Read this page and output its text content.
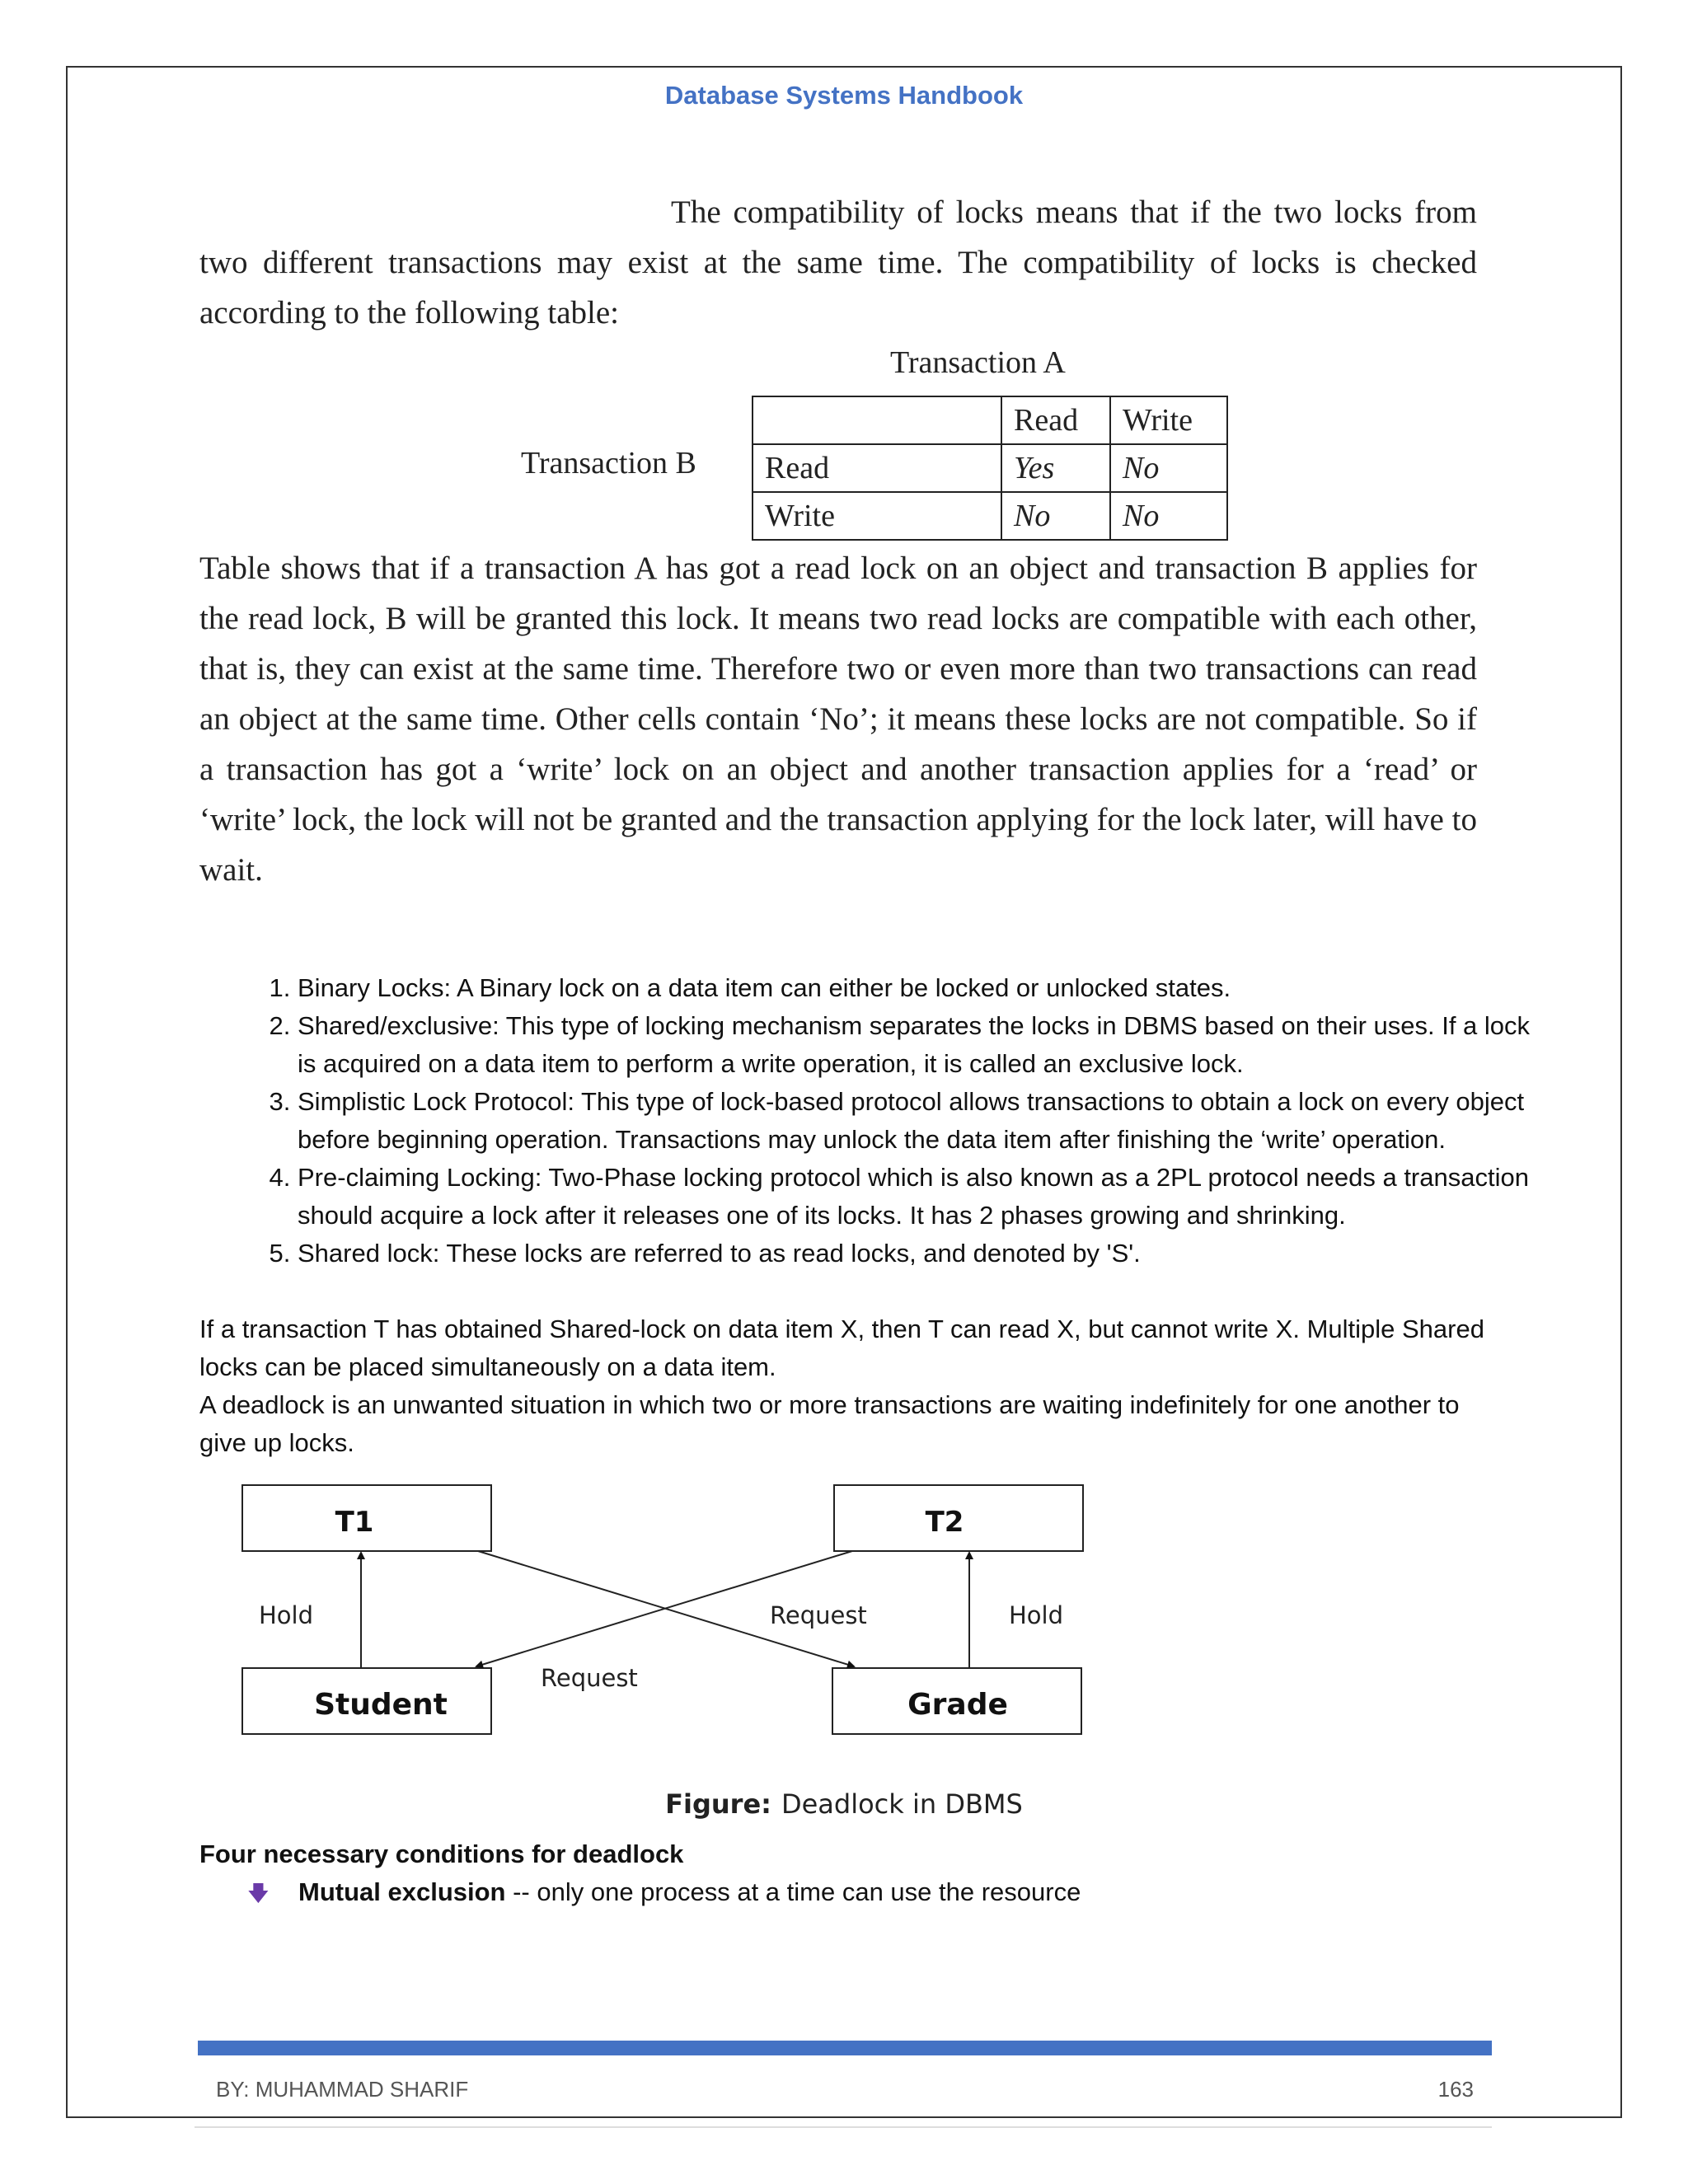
Database Systems Handbook
The compatibility of locks means that if the two locks from two different transactions may exist at the same time. The compatibility of locks is checked according to the following table:
Transaction A
Transaction B
	Read	Write
Read	Yes	No
Write	No	No
Table shows that if a transaction A has got a read lock on an object and transaction B applies for the read lock, B will be granted this lock. It means two read locks are compatible with each other, that is, they can exist at the same time. Therefore two or even more than two transactions can read an object at the same time. Other cells contain ‘No’; it means these locks are not compatible. So if a transaction has got a ‘write’ lock on an object and another transaction applies for a ‘read’ or ‘write’ lock, the lock will not be granted and the transaction applying for the lock later, will have to wait.
1. Binary Locks: A Binary lock on a data item can either be locked or unlocked states.
2. Shared/exclusive: This type of locking mechanism separates the locks in DBMS based on their uses. If a lock is acquired on a data item to perform a write operation, it is called an exclusive lock.
3. Simplistic Lock Protocol: This type of lock-based protocol allows transactions to obtain a lock on every object before beginning operation. Transactions may unlock the data item after finishing the ‘write’ operation.
4. Pre-claiming Locking: Two-Phase locking protocol which is also known as a 2PL protocol needs a transaction should acquire a lock after it releases one of its locks. It has 2 phases growing and shrinking.
5. Shared lock: These locks are referred to as read locks, and denoted by 'S'.
If a transaction T has obtained Shared-lock on data item X, then T can read X, but cannot write X. Multiple Shared locks can be placed simultaneously on a data item.
A deadlock is an unwanted situation in which two or more transactions are waiting indefinitely for one another to give up locks.
T1	T2
Student	Grade
Hold	Hold
Request
Request
Figure: Deadlock in DBMS
Four necessary conditions for deadlock
🡇 Mutual exclusion -- only one process at a time can use the resource
BY: MUHAMMAD SHARIF	163
